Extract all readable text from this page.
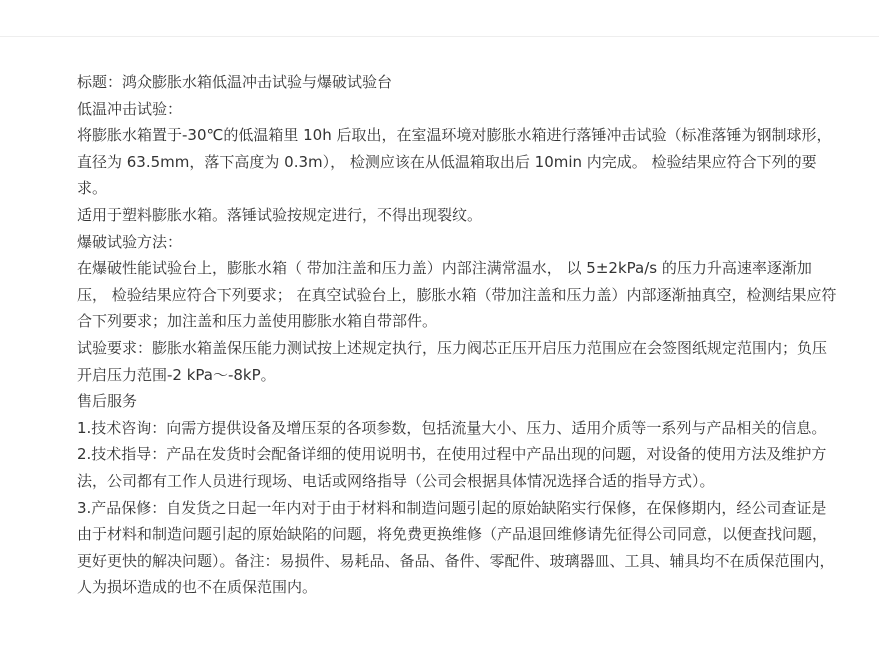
标题：鸿众膨胀水箱低温冲击试验与爆破试验台

低温冲击试验：

将膨胀水箱置于-30℃的低温箱里 10h 后取出，在室温环境对膨胀水箱进行落锤冲击试验（标准落锤为钢制球形，直径为 63.5mm，落下高度为 0.3m）， 检测应该在从低温箱取出后 10min 内完成。 检验结果应符合下列的要求。

适用于塑料膨胀水箱。落锤试验按规定进行，不得出现裂纹。

爆破试验方法：

在爆破性能试验台上，膨胀水箱（ 带加注盖和压力盖）内部注满常温水， 以 5±2kPa/s 的压力升高速率逐渐加压， 检验结果应符合下列要求； 在真空试验台上，膨胀水箱（带加注盖和压力盖）内部逐渐抽真空，检测结果应符合下列要求；加注盖和压力盖使用膨胀水箱自带部件。

试验要求：膨胀水箱盖保压能力测试按上述规定执行，压力阀芯正压开启压力范围应在会签图纸规定范围内；负压开启压力范围-2 kPa～-8kP。

售后服务

1.技术咨询：向需方提供设备及增压泵的各项参数，包括流量大小、压力、适用介质等一系列与产品相关的信息。

2.技术指导：产品在发货时会配备详细的使用说明书，在使用过程中产品出现的问题，对设备的使用方法及维护方法，公司都有工作人员进行现场、电话或网络指导（公司会根据具体情况选择合适的指导方式）。

3.产品保修：自发货之日起一年内对于由于材料和制造问题引起的原始缺陷实行保修，在保修期内，经公司查证是由于材料和制造问题引起的原始缺陷的问题，将免费更换维修（产品退回维修请先征得公司同意，以便查找问题，更好更快的解决问题）。备注：易损件、易耗品、备品、备件、零配件、玻璃器皿、工具、辅具均不在质保范围内，人为损坏造成的也不在质保范围内。
